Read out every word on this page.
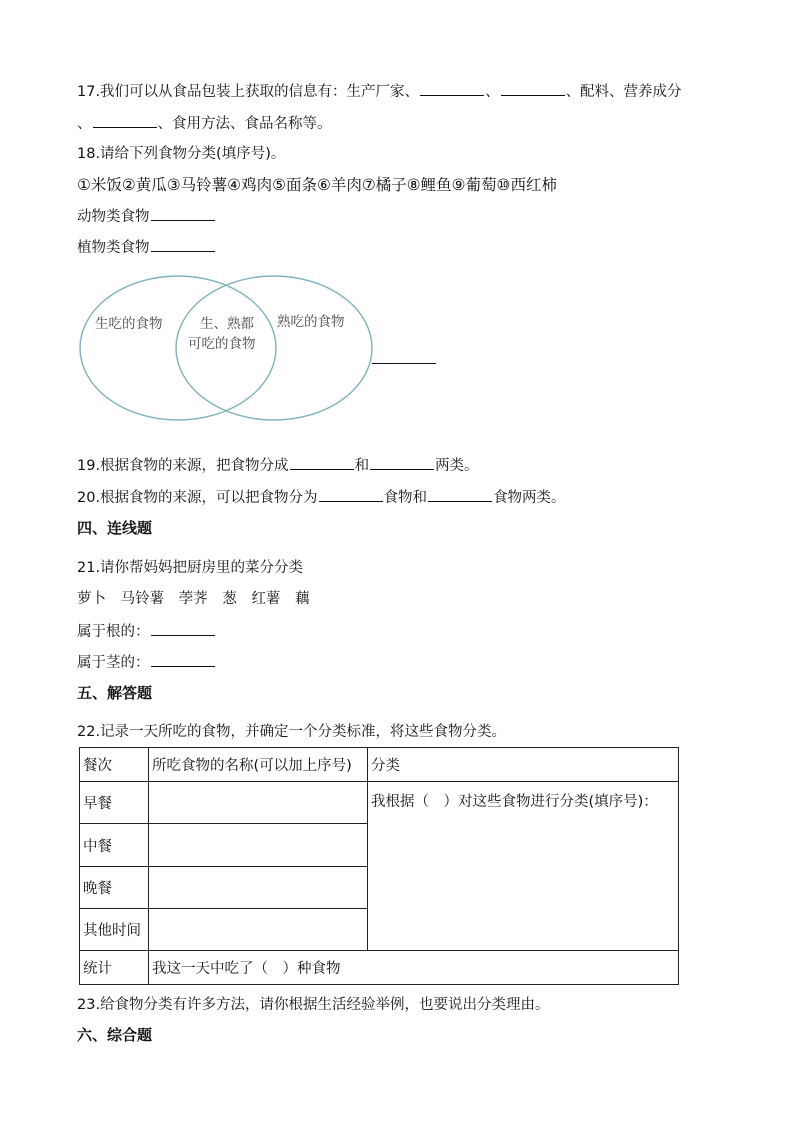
17.我们可以从食品包装上获取的信息有：生产厂家、	、	、配料、营养成分
、	、食用方法、食品名称等。
18.请给下列食物分类(填序号)。
①米饭②黄瓜③马铃薯④鸡肉⑤面条⑥羊肉⑦橘子⑧鲤鱼⑨葡萄⑩西红柿
动物类食物
植物类食物
生吃的食物	生、熟都
可吃的食物
熟吃的食物
19.根据食物的来源，把食物分成	和	两类。
20.根据食物的来源，可以把食物分为	食物和	食物两类。
四、连线题
21.请你帮妈妈把厨房里的菜分分类
萝卜 马铃薯 荸荠 葱 红薯 藕
属于根的：
属于茎的：
五、解答题
22.记录一天所吃的食物，并确定一个分类标准，将这些食物分类。
餐次	所吃食物的名称(可以加上序号)	分类
早餐		我根据（　）对这些食物进行分类(填序号)：
中餐		
晚餐		
其他时间		
统计	我这一天中吃了（　）种食物	
23.给食物分类有许多方法，请你根据生活经验举例，也要说出分类理由。
六、综合题
